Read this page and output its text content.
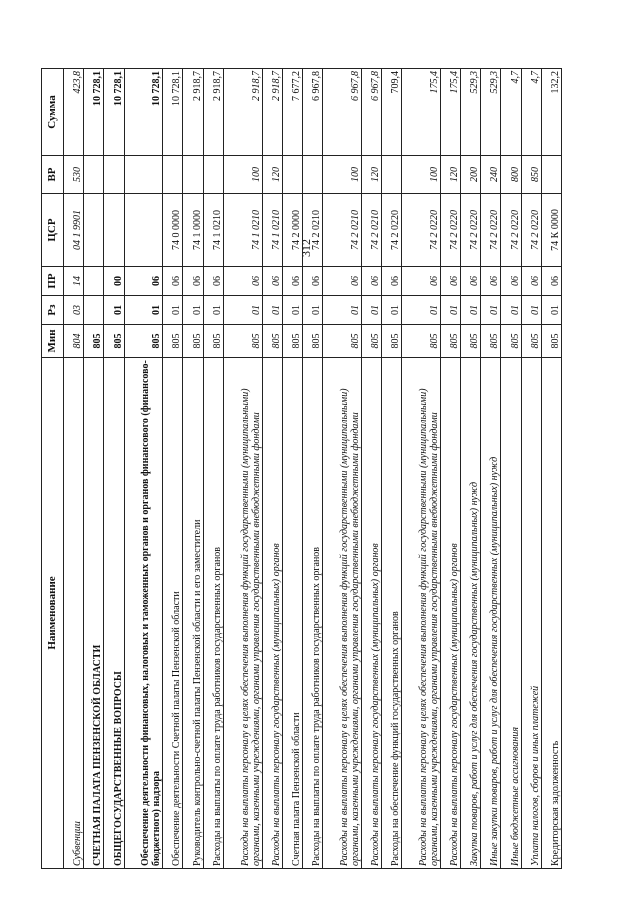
312
Наименование	Мин	Рз	ПР	ЦСР	ВР	Сумма
Субвенции	804	03	14	04 1 9901	530	423,8
СЧЕТНАЯ ПАЛАТА ПЕНЗЕНСКОЙ ОБЛАСТИ	805					10 728,1
ОБЩЕГОСУДАРСТВЕННЫЕ ВОПРОСЫ	805	01	00			10 728,1
Обеспечение деятельности финансовых, налоговых и таможенных органов и органов финансового (финансово-бюджетного) надзора	805	01	06			10 728,1
Обеспечение деятельности Счетной палаты Пензенской области	805	01	06	74 0 0000		10 728,1
Руководитель контрольно-счетной палаты Пензенской области и его заместители	805	01	06	74 1 0000		2 918,7
Расходы на выплаты по оплате труда работников государственных органов	805	01	06	74 1 0210		2 918,7
Расходы на выплаты персоналу в целях обеспечения выполнения функций государственными (муниципальными) органами, казенными учреждениями, органами управления государственными внебюджетными фондами	805	01	06	74 1 0210	100	2 918,7
Расходы на выплаты персоналу государственных (муниципальных) органов	805	01	06	74 1 0210	120	2 918,7
Счетная палата Пензенской области	805	01	06	74 2 0000		7 677,2
Расходы на выплаты по оплате труда работников государственных органов	805	01	06	74 2 0210		6 967,8
Расходы на выплаты персоналу в целях обеспечения выполнения функций государственными (муниципальными) органами, казенными учреждениями, органами управления государственными внебюджетными фондами	805	01	06	74 2 0210	100	6 967,8
Расходы на выплаты персоналу государственных (муниципальных) органов	805	01	06	74 2 0210	120	6 967,8
Расходы на обеспечение функций государственных органов	805	01	06	74 2 0220		709,4
Расходы на выплаты персоналу в целях обеспечения выполнения функций государственными (муниципальными) органами, казенными учреждениями, органами управления государственными внебюджетными фондами	805	01	06	74 2 0220	100	175,4
Расходы на выплаты персоналу государственных (муниципальных) органов	805	01	06	74 2 0220	120	175,4
Закупка товаров, работ и услуг для обеспечения государственных (муниципальных) нужд	805	01	06	74 2 0220	200	529,3
Иные закупки товаров, работ и услуг для обеспечения государственных (муниципальных) нужд	805	01	06	74 2 0220	240	529,3
Иные бюджетные ассигнования	805	01	06	74 2 0220	800	4,7
Уплата налогов, сборов и иных платежей	805	01	06	74 2 0220	850	4,7
Кредиторская задолженность	805	01	06	74 К 0000		132,2
